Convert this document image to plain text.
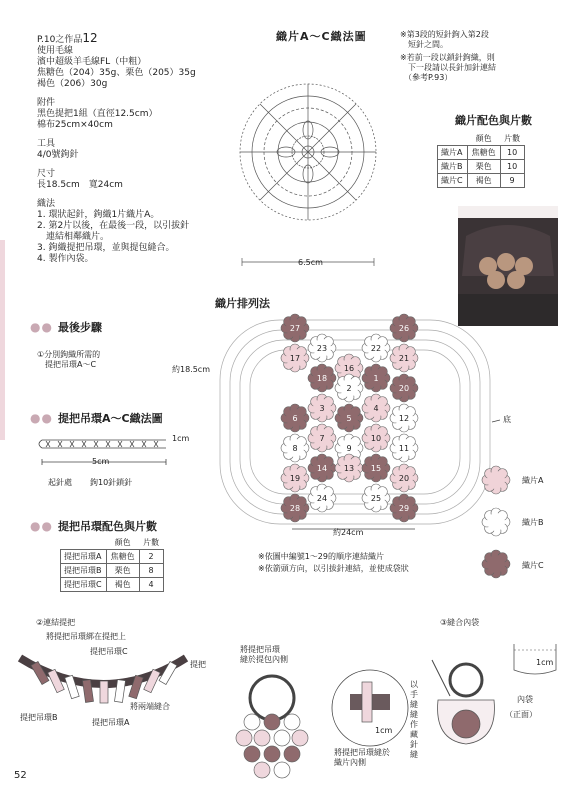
P.10之作品12
使用毛線
濱中超級羊毛線FL（中粗）
焦糖色（204）35g、栗色（205）35g
褐色（206）30g
附件
黑色提把1組（直徑12.5cm）
棉布25cm×40cm
工具
4/0號鉤針
尺寸
長18.5cm　寬24cm
織法
1. 環狀起針，鉤織1片織片A。
2. 第2片以後，在最後一段，以引拔針
　連結相鄰織片。
3. 鉤織提把吊環，並與提包縫合。
4. 製作內袋。
織片A～C織法圖
6.5cm
※第3段的短針鉤入第2段
　短針之間。
※若前一段以鎖針鉤織，則
　下一段請以長針加針連結
　（參考P.93）
織片配色與片數
	顏色	片數
織片A	焦糖色	10
織片B	栗色	10
織片C	褐色	9
織片排列法
約18.5cm
約24cm
底
27
23	22
26
17
16
21
18
2
1
20
3	4
5
6
7	10
8	9	11
12
14 13 15
19	20
24	25
28	29
織片A
織片B
織片C
※依圖中編號1～29的順序連結織片
※依箭頭方向，以引拔針連結，並使成袋狀
●● 最後步驟
①分別鉤織所需的
　提把吊環A～C
●● 提把吊環A～C織法圖
1cm
5cm
起針處 鉤10針鎖針
●● 提把吊環配色與片數
	顏色	片數
提把吊環A	焦糖色	2
提把吊環B	栗色	8
提把吊環C	褐色	4
②連結提把
將提把吊環綁在提把上
提把吊環C
提把
提把吊環B
提把吊環A
將兩端縫合
將提把吊環
縫於提包內側
1cm
將提把吊環縫於
織片內側
③縫合內袋
以手縫縫作藏針縫
1cm
內袋
（正面）
52
